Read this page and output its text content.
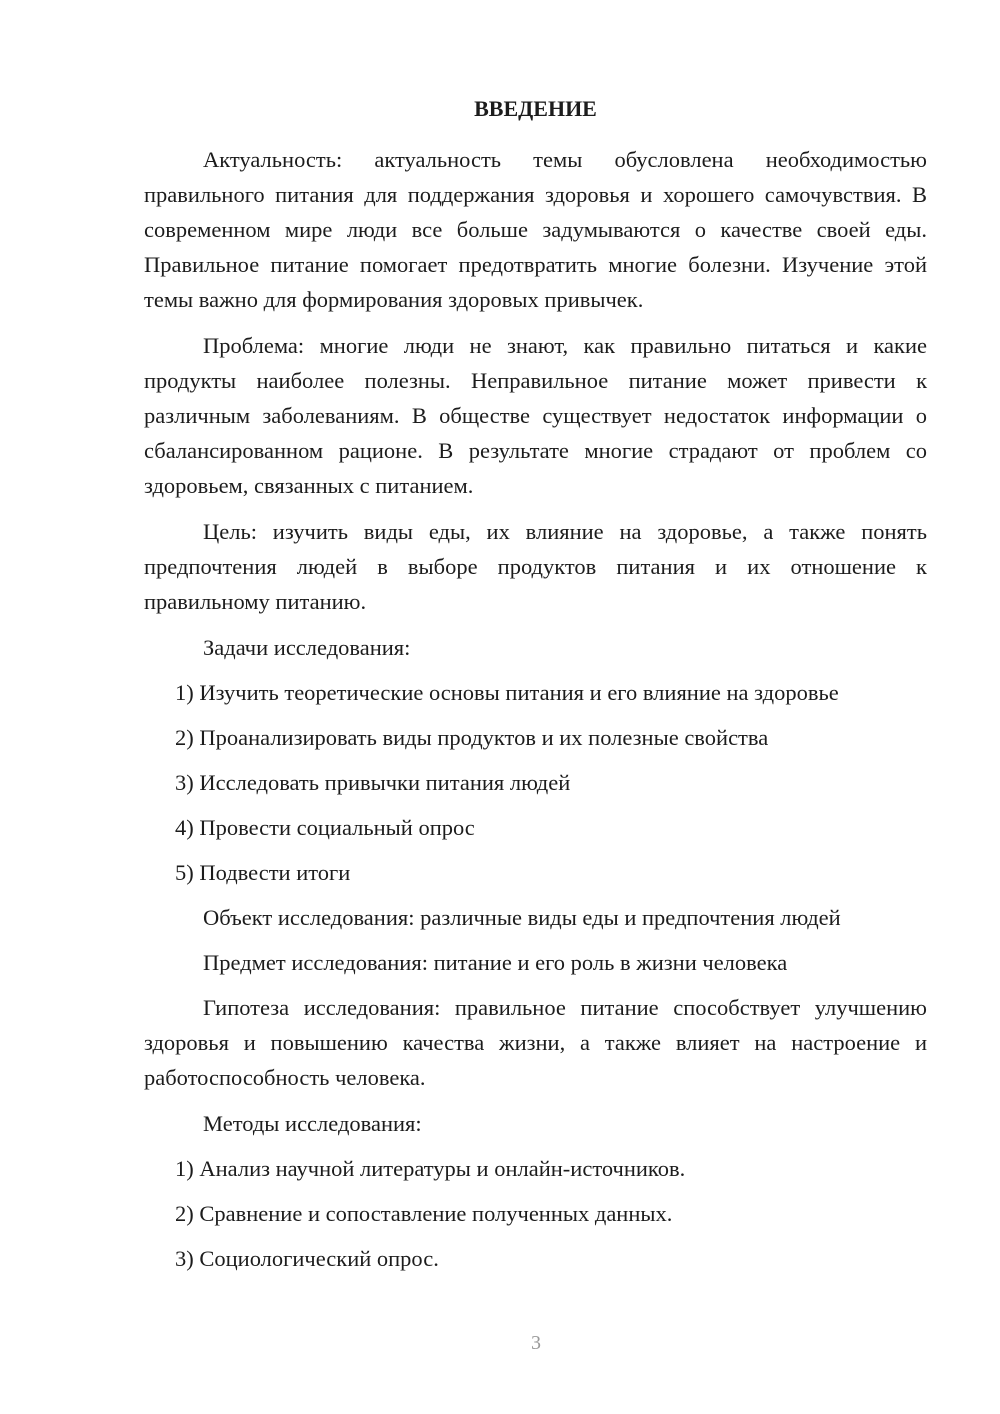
ВВЕДЕНИЕ

Актуальность: актуальность темы обусловлена необходимостью правильного питания для поддержания здоровья и хорошего самочувствия. В современном мире люди все больше задумываются о качестве своей еды. Правильное питание помогает предотвратить многие болезни. Изучение этой темы важно для формирования здоровых привычек.

Проблема: многие люди не знают, как правильно питаться и какие продукты наиболее полезны. Неправильное питание может привести к различным заболеваниям. В обществе существует недостаток информации о сбалансированном рационе. В результате многие страдают от проблем со здоровьем, связанных с питанием.

Цель: изучить виды еды, их влияние на здоровье, а также понять предпочтения людей в выборе продуктов питания и их отношение к правильному питанию.

Задачи исследования:

1) Изучить теоретические основы питания и его влияние на здоровье

2) Проанализировать виды продуктов и их полезные свойства

3) Исследовать привычки питания людей

4) Провести социальный опрос

5) Подвести итоги

Объект исследования: различные виды еды и предпочтения людей

Предмет исследования: питание и его роль в жизни человека

Гипотеза исследования: правильное питание способствует улучшению здоровья и повышению качества жизни, а также влияет на настроение и работоспособность человека.

Методы исследования:

1) Анализ научной литературы и онлайн-источников.

2) Сравнение и сопоставление полученных данных.

3) Социологический опрос.

3
